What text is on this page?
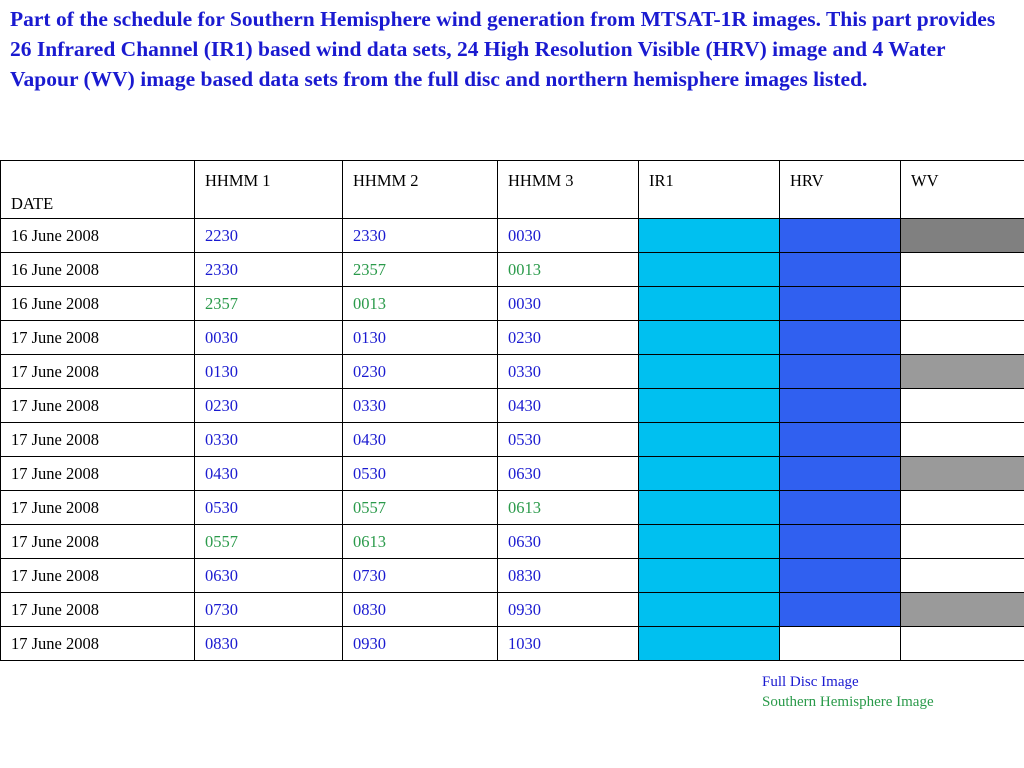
Part of the schedule for Southern Hemisphere wind generation from MTSAT-1R images. This part provides 26 Infrared Channel (IR1) based wind data sets, 24 High Resolution Visible (HRV) image and 4 Water Vapour (WV) image based data sets from the full disc and northern hemisphere images listed.

DATE	HHMM 1	HHMM 2	HHMM 3	IR1	HRV	WV
16 June 2008	2230	2330	0030			
16 June 2008	2330	2357	0013			
16 June 2008	2357	0013	0030			
17 June 2008	0030	0130	0230			
17 June 2008	0130	0230	0330			
17 June 2008	0230	0330	0430			
17 June 2008	0330	0430	0530			
17 June 2008	0430	0530	0630			
17 June 2008	0530	0557	0613			
17 June 2008	0557	0613	0630			
17 June 2008	0630	0730	0830			
17 June 2008	0730	0830	0930			
17 June 2008	0830	0930	1030			
Full Disc Image
Southern Hemisphere Image
